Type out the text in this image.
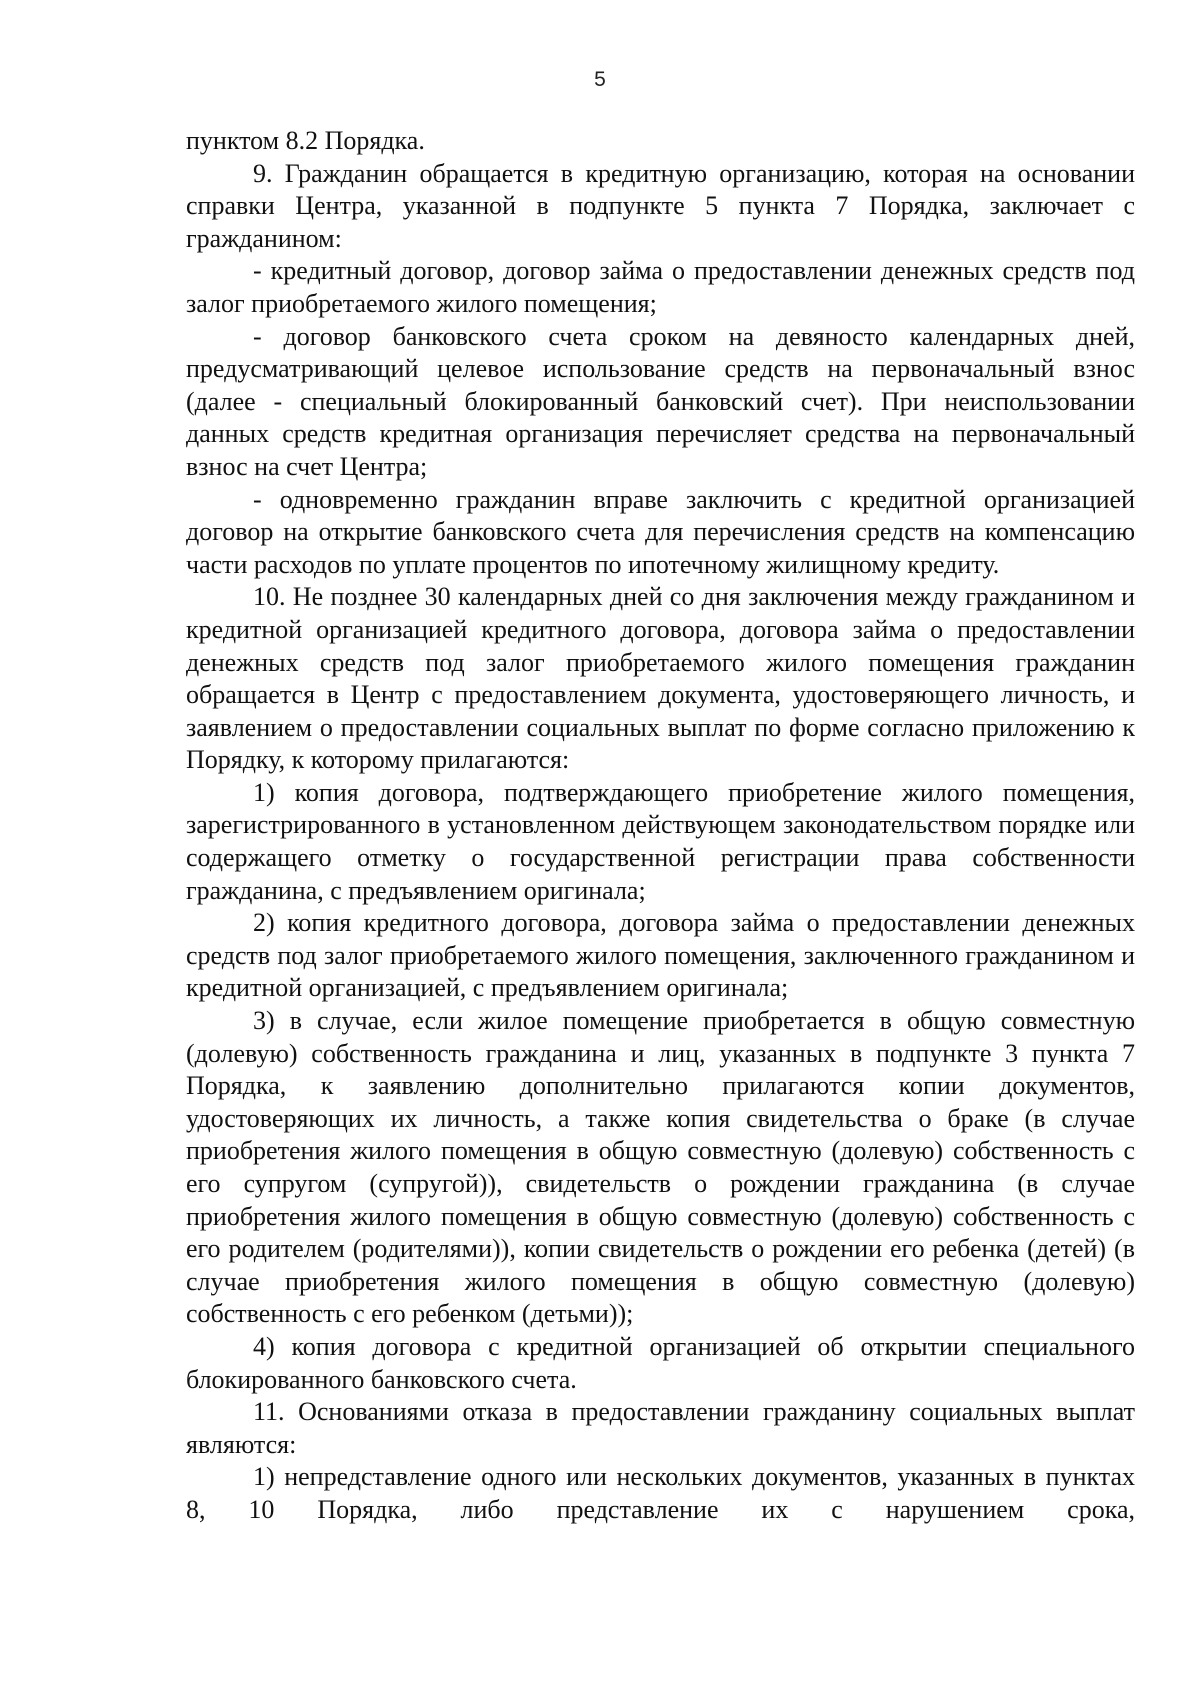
5

пунктом 8.2 Порядка.

9. Гражданин обращается в кредитную организацию, которая на основании справки Центра, указанной в подпункте 5 пункта 7 Порядка, заключает с гражданином:

- кредитный договор, договор займа о предоставлении денежных средств под залог приобретаемого жилого помещения;

- договор банковского счета сроком на девяносто календарных дней, предусматривающий целевое использование средств на первоначальный взнос (далее - специальный блокированный банковский счет). При неиспользовании данных средств кредитная организация перечисляет средства на первоначальный взнос на счет Центра;

- одновременно гражданин вправе заключить с кредитной организацией договор на открытие банковского счета для перечисления средств на компенсацию части расходов по уплате процентов по ипотечному жилищному кредиту.

10. Не позднее 30 календарных дней со дня заключения между гражданином и кредитной организацией кредитного договора, договора займа о предоставлении денежных средств под залог приобретаемого жилого помещения гражданин обращается в Центр с предоставлением документа, удостоверяющего личность, и заявлением о предоставлении социальных выплат по форме согласно приложению к Порядку, к которому прилагаются:

1) копия договора, подтверждающего приобретение жилого помещения, зарегистрированного в установленном действующем законодательством порядке или содержащего отметку о государственной регистрации права собственности гражданина, с предъявлением оригинала;

2) копия кредитного договора, договора займа о предоставлении денежных средств под залог приобретаемого жилого помещения, заключенного гражданином и кредитной организацией, с предъявлением оригинала;

3) в случае, если жилое помещение приобретается в общую совместную (долевую) собственность гражданина и лиц, указанных в подпункте 3 пункта 7 Порядка, к заявлению дополнительно прилагаются копии документов, удостоверяющих их личность, а также копия свидетельства о браке (в случае приобретения жилого помещения в общую совместную (долевую) собственность с его супругом (супругой)), свидетельств о рождении гражданина (в случае приобретения жилого помещения в общую совместную (долевую) собственность с его родителем (родителями)), копии свидетельств о рождении его ребенка (детей) (в случае приобретения жилого помещения в общую совместную (долевую) собственность с его ребенком (детьми));

4) копия договора с кредитной организацией об открытии специального блокированного банковского счета.

11. Основаниями отказа в предоставлении гражданину социальных выплат являются:

1) непредставление одного или нескольких документов, указанных в пунктах 8, 10 Порядка, либо представление их с нарушением срока,
